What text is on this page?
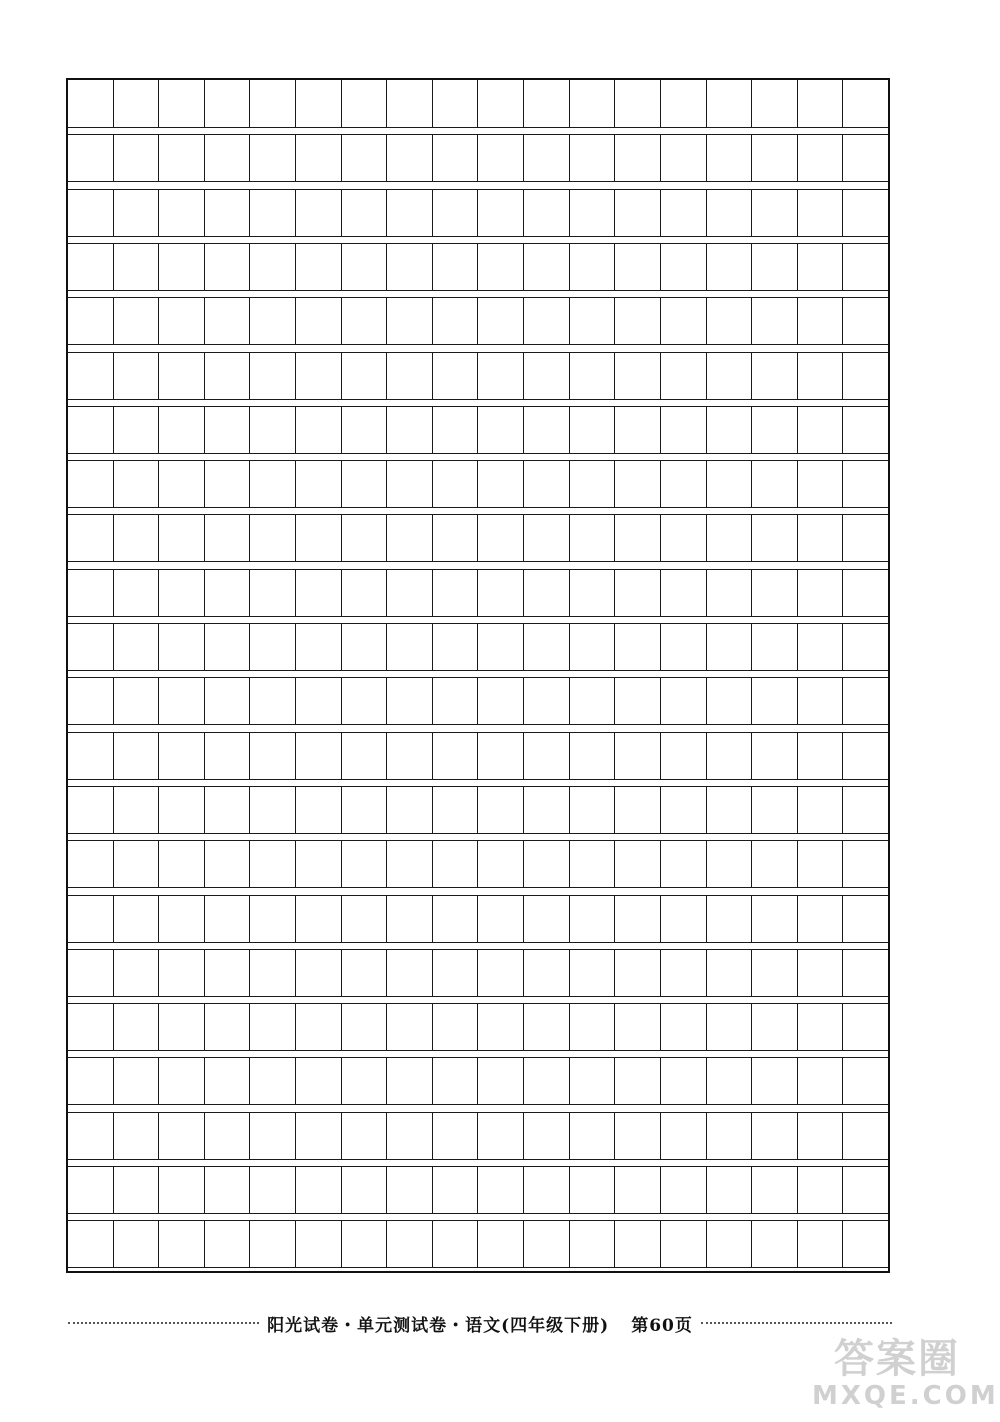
阳光试卷・单元测试卷・语文(四年级下册) 第60页
答案圈
MXQE.COM
